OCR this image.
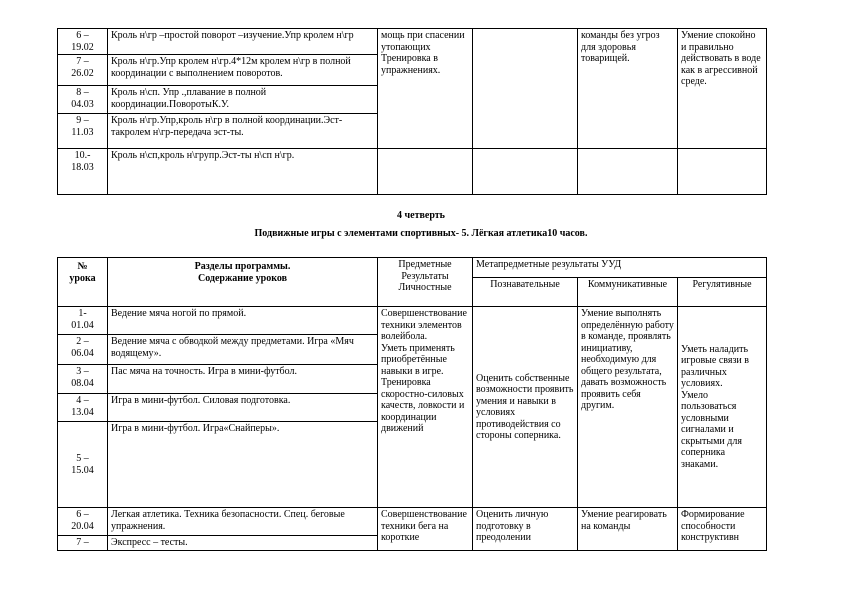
6 –
19.02	Кроль н\гр –простой поворот –изучение.Упр кролем н\гр	мощь при спасении утопающих Тренировка в упражнениях.		команды без угроз для здоровья товарищей.	Умение спокойно и правильно действовать в воде как в агрессивной среде.
7 –
26.02	Кроль н\гр.Упр кролем н\гр.4*12м кролем н\гр в полной координации с выполнением поворотов.				
8 –
04.03	Кроль н\сп. Упр .,плавание в полной координации.ПоворотыК.У.				
9 –
11.03	Кроль н\гр.Упр,кроль н\гр в полной координации.Эст-такролем н\гр-передача эст-ты.				
10.-
18.03	Кроль н\сп,кроль н\групр.Эст-ты н\сп н\гр.				
4 четверть
Подвижные игры с элементами спортивных- 5. Лёгкая атлетика10 часов.
№
урока	Разделы программы.
Содержание уроков	Предметные
Результаты
Личностные	Метапредметные результаты УУД		
			Познавательные	Коммуникативные	Регулятивные
1-
01.04	Ведение мяча ногой по прямой.	Совершенствование техники элементов волейбола.
Уметь применять приобретённые навыки в игре.
Тренировка скоростно-силовых качеств, ловкости и координации движений	Оценить собственные возможности проявить умения и навыки в условиях противодействия со стороны соперника.	Умение выполнять определённую работу в команде, проявлять инициативу, необходимую для общего результата, давать возможность проявить себя другим.	Уметь наладить игровые связи в различных условиях.
Умело пользоваться условными сигналами и скрытыми для соперника знаками.
2 –
06.04	Ведение мяча с обводкой между предметами. Игра «Мяч водящему».				
3 –
08.04	Пас мяча на точность. Игра в мини-футбол.				
4 –
13.04	Игра в мини-футбол. Силовая подготовка.				
5 –
15.04	Игра в мини-футбол. Игра«Снайперы».				
6 –
20.04	Легкая атлетика. Техника безопасности. Спец. беговые упражнения.	Совершенствование техники бега на короткие	Оценить личную подготовку в преодолении	Умение реагировать на команды	Формирование способности конструктивн
7 –	Экспресс – тесты.				
